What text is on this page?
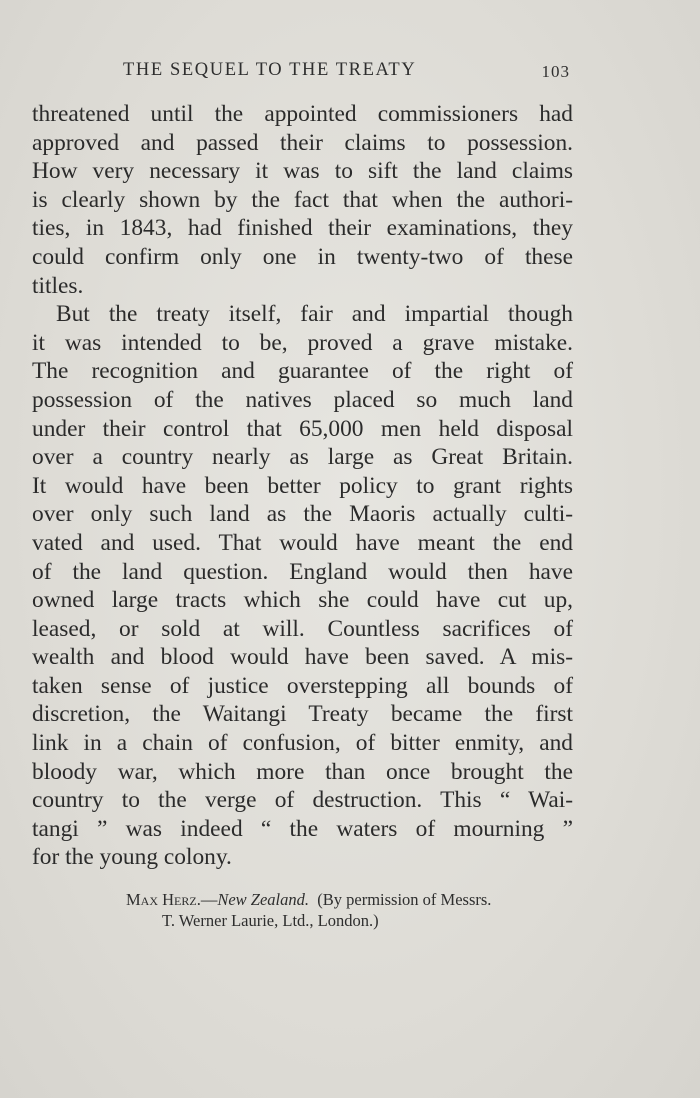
THE SEQUEL TO THE TREATY	103
threatened until the appointed commissioners had
approved and passed their claims to possession.
How very necessary it was to sift the land claims
is clearly shown by the fact that when the authori-
ties, in 1843, had finished their examinations, they
could confirm only one in twenty-two of these
titles.
But the treaty itself, fair and impartial though
it was intended to be, proved a grave mistake.
The recognition and guarantee of the right of
possession of the natives placed so much land
under their control that 65,000 men held disposal
over a country nearly as large as Great Britain.
It would have been better policy to grant rights
over only such land as the Maoris actually culti-
vated and used. That would have meant the end
of the land question. England would then have
owned large tracts which she could have cut up,
leased, or sold at will. Countless sacrifices of
wealth and blood would have been saved. A mis-
taken sense of justice overstepping all bounds of
discretion, the Waitangi Treaty became the first
link in a chain of confusion, of bitter enmity, and
bloody war, which more than once brought the
country to the verge of destruction. This “ Wai-
tangi ” was indeed “ the waters of mourning ”
for the young colony.
Max Herz.—New Zealand. (By permission of Messrs.
T. Werner Laurie, Ltd., London.)
